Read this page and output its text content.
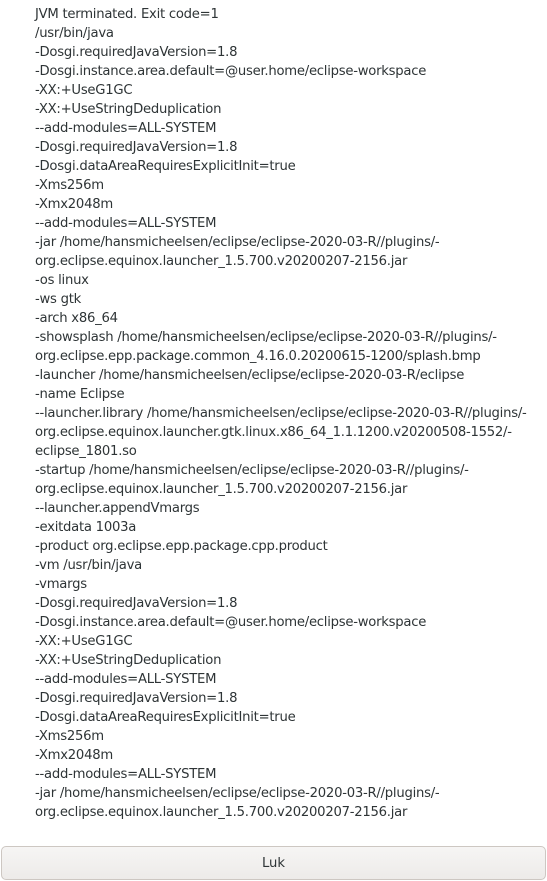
JVM terminated. Exit code=1
/usr/bin/java
-Dosgi.requiredJavaVersion=1.8
-Dosgi.instance.area.default=@user.home/eclipse-workspace
-XX:+UseG1GC
-XX:+UseStringDeduplication
--add-modules=ALL-SYSTEM
-Dosgi.requiredJavaVersion=1.8
-Dosgi.dataAreaRequiresExplicitInit=true
-Xms256m
-Xmx2048m
--add-modules=ALL-SYSTEM
-jar /home/hansmicheelsen/eclipse/eclipse-2020-03-R//plugins/-
org.eclipse.equinox.launcher_1.5.700.v20200207-2156.jar
-os linux
-ws gtk
-arch x86_64
-showsplash /home/hansmicheelsen/eclipse/eclipse-2020-03-R//plugins/-
org.eclipse.epp.package.common_4.16.0.20200615-1200/splash.bmp
-launcher /home/hansmicheelsen/eclipse/eclipse-2020-03-R/eclipse
-name Eclipse
--launcher.library /home/hansmicheelsen/eclipse/eclipse-2020-03-R//plugins/-
org.eclipse.equinox.launcher.gtk.linux.x86_64_1.1.1200.v20200508-1552/-
eclipse_1801.so
-startup /home/hansmicheelsen/eclipse/eclipse-2020-03-R//plugins/-
org.eclipse.equinox.launcher_1.5.700.v20200207-2156.jar
--launcher.appendVmargs
-exitdata 1003a
-product org.eclipse.epp.package.cpp.product
-vm /usr/bin/java
-vmargs
-Dosgi.requiredJavaVersion=1.8
-Dosgi.instance.area.default=@user.home/eclipse-workspace
-XX:+UseG1GC
-XX:+UseStringDeduplication
--add-modules=ALL-SYSTEM
-Dosgi.requiredJavaVersion=1.8
-Dosgi.dataAreaRequiresExplicitInit=true
-Xms256m
-Xmx2048m
--add-modules=ALL-SYSTEM
-jar /home/hansmicheelsen/eclipse/eclipse-2020-03-R//plugins/-
org.eclipse.equinox.launcher_1.5.700.v20200207-2156.jar
Luk
